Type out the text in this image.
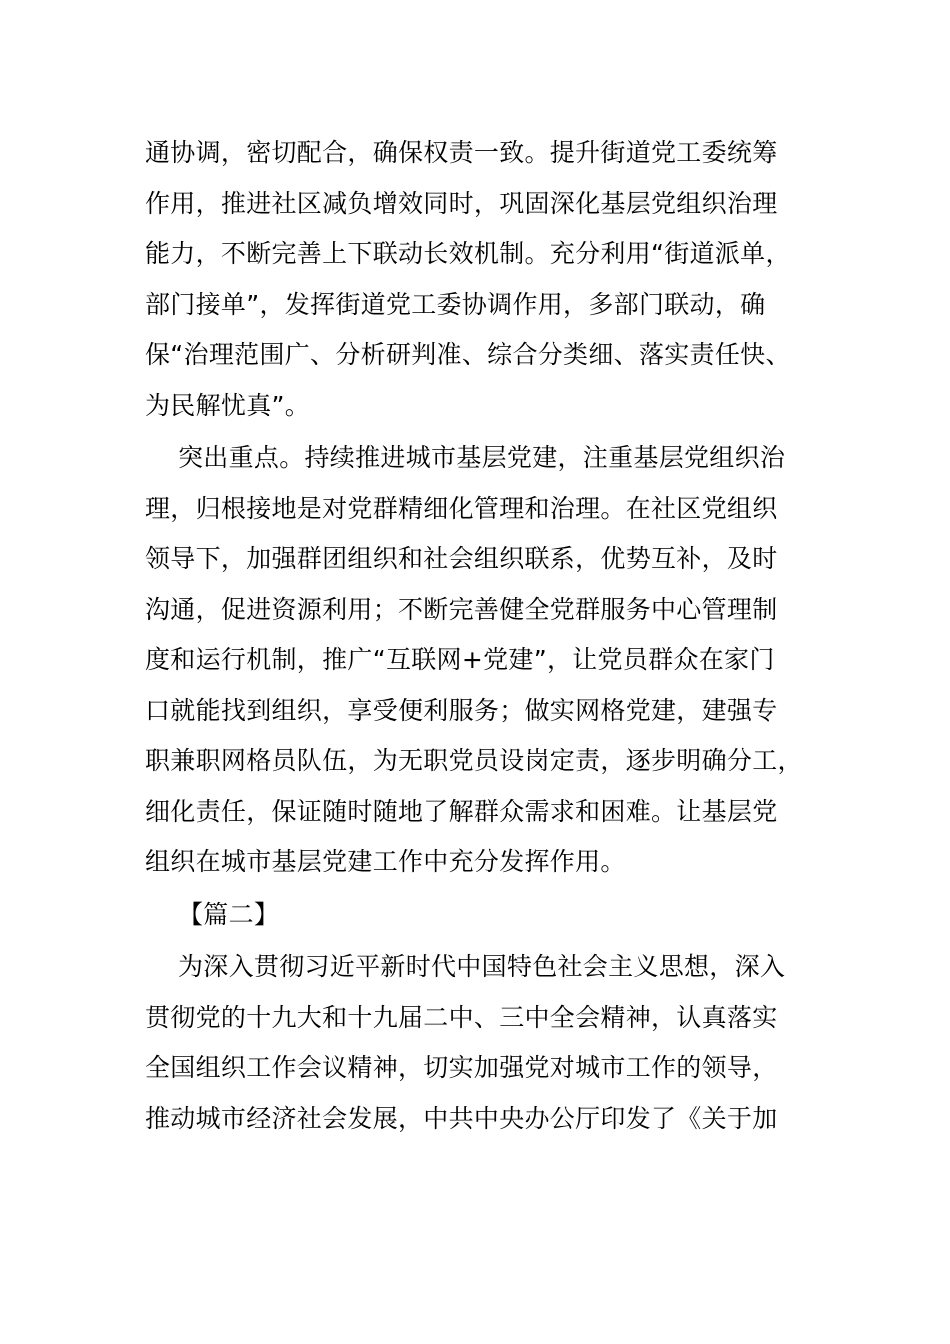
通协调，密切配合，确保权责一致。提升街道党工委统筹
作用，推进社区减负增效同时，巩固深化基层党组织治理
能力，不断完善上下联动长效机制。充分利用“街道派单，
部门接单”，发挥街道党工委协调作用，多部门联动，确
保“治理范围广、分析研判准、综合分类细、落实责任快、
为民解忧真”。
突出重点。持续推进城市基层党建，注重基层党组织治
理，归根接地是对党群精细化管理和治理。在社区党组织
领导下，加强群团组织和社会组织联系，优势互补，及时
沟通，促进资源利用；不断完善健全党群服务中心管理制
度和运行机制，推广“互联网+党建”，让党员群众在家门
口就能找到组织，享受便利服务；做实网格党建，建强专
职兼职网格员队伍，为无职党员设岗定责，逐步明确分工，
细化责任，保证随时随地了解群众需求和困难。让基层党
组织在城市基层党建工作中充分发挥作用。
【篇二】
为深入贯彻习近平新时代中国特色社会主义思想，深入
贯彻党的十九大和十九届二中、三中全会精神，认真落实
全国组织工作会议精神，切实加强党对城市工作的领导，
推动城市经济社会发展，中共中央办公厅印发了《关于加
